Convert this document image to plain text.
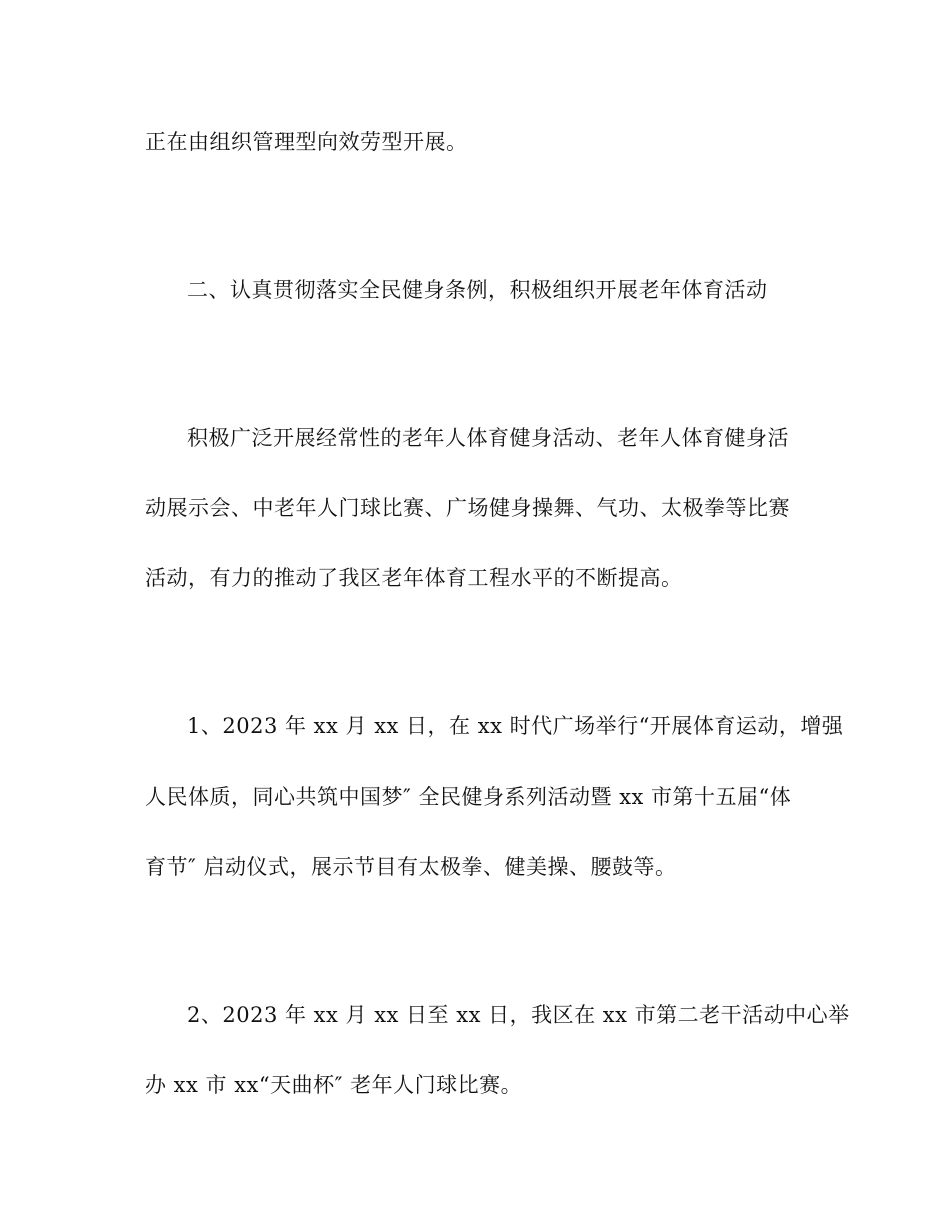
正在由组织管理型向效劳型开展。
二、认真贯彻落实全民健身条例，积极组织开展老年体育活动
积极广泛开展经常性的老年人体育健身活动、老年人体育健身活
动展示会、中老年人门球比赛、广场健身操舞、气功、太极拳等比赛
活动，有力的推动了我区老年体育工程水平的不断提高。
1、2023 年 xx 月 xx 日，在 xx 时代广场举行“开展体育运动，增强
人民体质，同心共筑中国梦″ 全民健身系列活动暨 xx 市第十五届“体
育节″ 启动仪式，展示节目有太极拳、健美操、腰鼓等。
2、2023 年 xx 月 xx 日至 xx 日，我区在 xx 市第二老干活动中心举
办 xx 市 xx“天曲杯″ 老年人门球比赛。
